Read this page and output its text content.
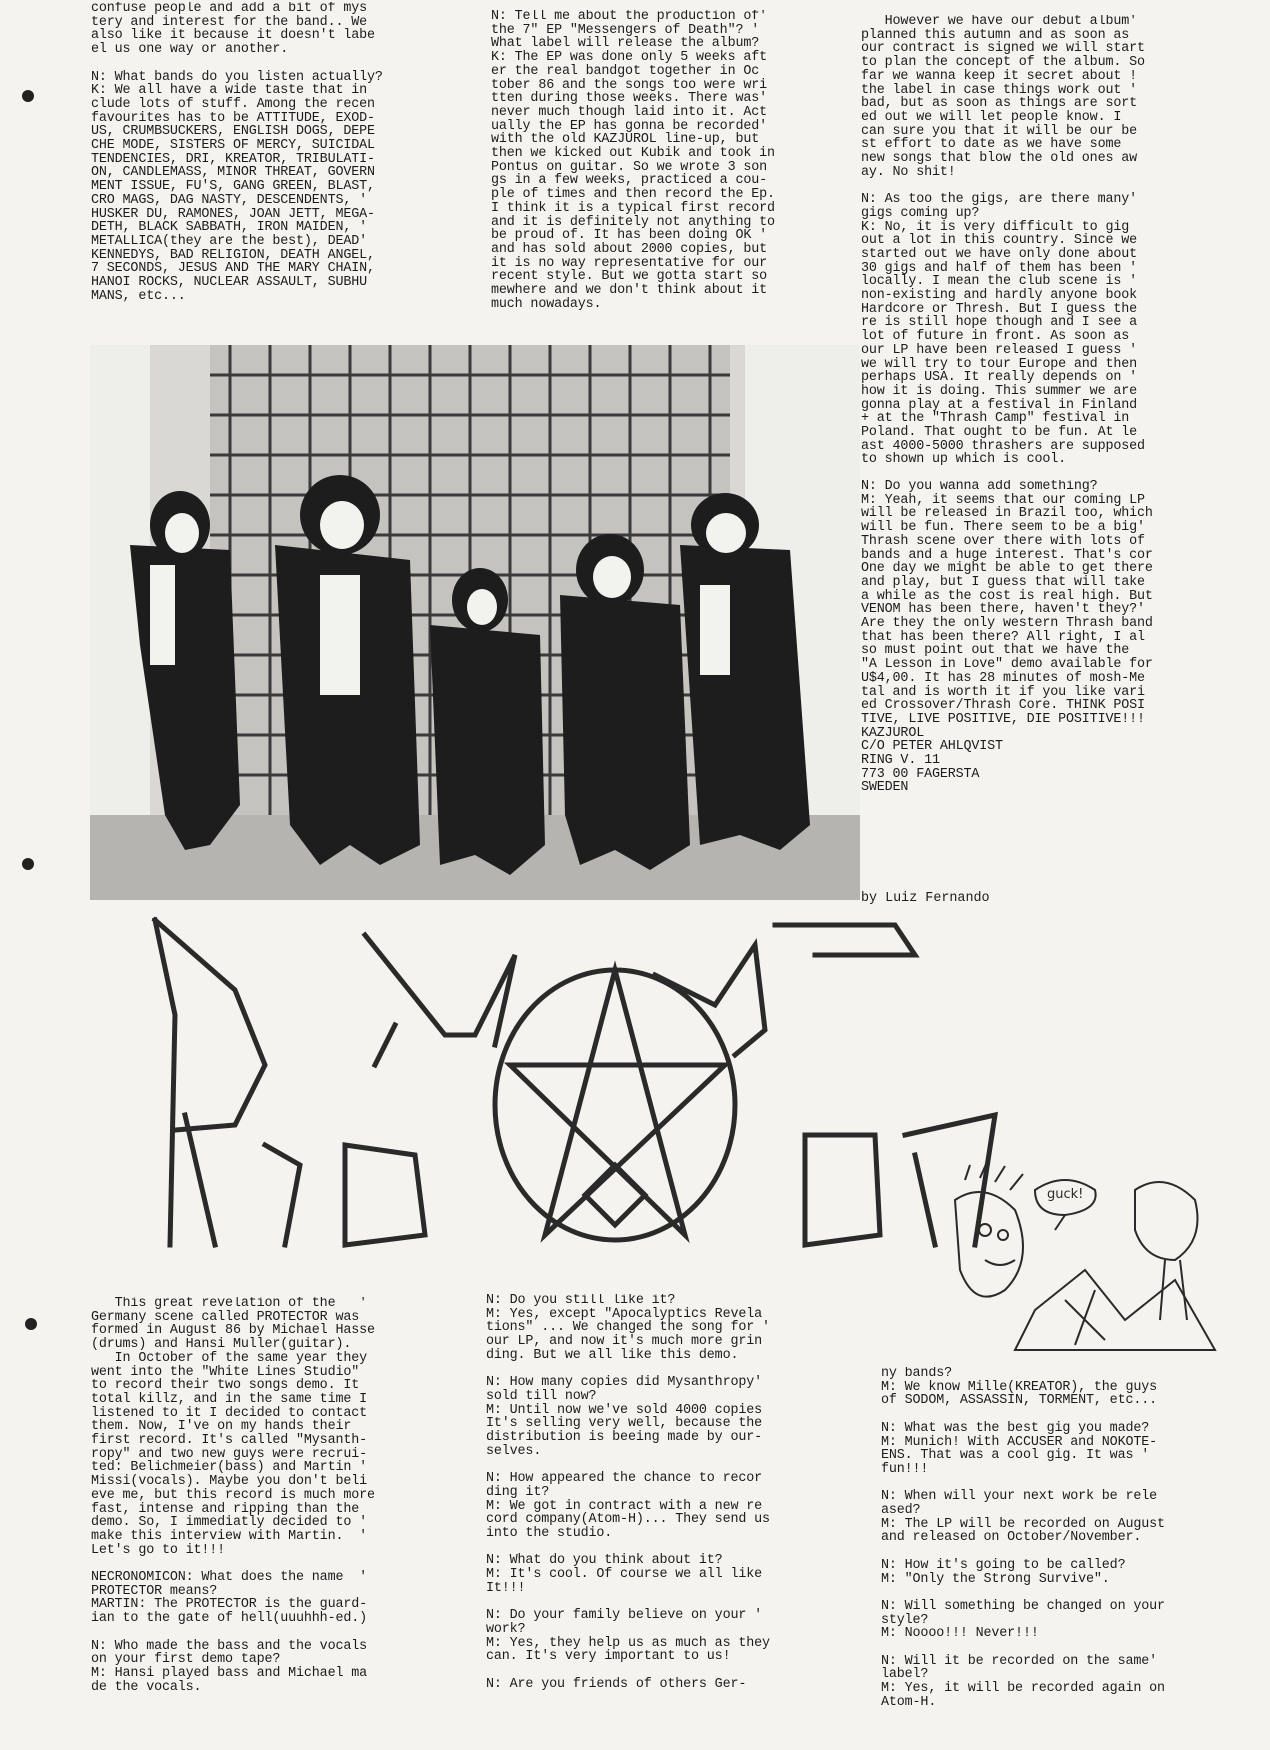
confuse people and add a bit of mys
tery and interest for the band.. We
also like it because it doesn't labe
el us one way or another.
N: What bands do you listen actually?
K: We all have a wide taste that in
clude lots of stuff. Among the recen
favourites has to be ATTITUDE, EXOD-
US, CRUMBSUCKERS, ENGLISH DOGS, DEPE
CHE MODE, SISTERS OF MERCY, SUICIDAL
TENDENCIES, DRI, KREATOR, TRIBULATI-
ON, CANDLEMASS, MINOR THREAT, GOVERN
MENT ISSUE, FU'S, GANG GREEN, BLAST,
CRO MAGS, DAG NASTY, DESCENDENTS, '
HUSKER DU, RAMONES, JOAN JETT, MEGA-
DETH, BLACK SABBATH, IRON MAIDEN, '
METALLICA(they are the best), DEAD'
KENNEDYS, BAD RELIGION, DEATH ANGEL,
7 SECONDS, JESUS AND THE MARY CHAIN,
HANOI ROCKS, NUCLEAR ASSAULT, SUBHU
MANS, etc...
N: Tell me about the production of'
the 7" EP "Messengers of Death"? '
What label will release the album?
K: The EP was done only 5 weeks aft
er the real bandgot together in Oc
tober 86 and the songs too were wri
tten during those weeks. There was'
never much though laid into it. Act
ually the EP has gonna be recorded'
with the old KAZJUROL line-up, but
then we kicked out Kubik and took in
Pontus on guitar. So we wrote 3 son
gs in a few weeks, practiced a cou-
ple of times and then record the Ep.
I think it is a typical first record
and it is definitely not anything to
be proud of. It has been doing OK '
and has sold about 2000 copies, but
it is no way representative for our
recent style. But we gotta start so
mewhere and we don't think about it
much nowadays.
However we have our debut album'
planned this autumn and as soon as
our contract is signed we will start
to plan the concept of the album. So
far we wanna keep it secret about !
the label in case things work out '
bad, but as soon as things are sort
ed out we will let people know. I
can sure you that it will be our be
st effort to date as we have some
new songs that blow the old ones aw
ay. No shit!
N: As too the gigs, are there many'
gigs coming up?
K: No, it is very difficult to gig
out a lot in this country. Since we
started out we have only done about
30 gigs and half of them has been '
locally. I mean the club scene is '
non-existing and hardly anyone book
Hardcore or Thresh. But I guess the
re is still hope though and I see a
lot of future in front. As soon as
our LP have been released I guess '
we will try to tour Europe and then
perhaps USA. It really depends on '
how it is doing. This summer we are
gonna play at a festival in Finland
+ at the "Thrash Camp" festival in
Poland. That ought to be fun. At le
ast 4000-5000 thrashers are supposed
to shown up which is cool.
N: Do you wanna add something?
M: Yeah, it seems that our coming LP
will be released in Brazil too, which
will be fun. There seem to be a big'
Thrash scene over there with lots of
bands and a huge interest. That's cor
One day we might be able to get there
and play, but I guess that will take
a while as the cost is real high. But
VENOM has been there, haven't they?'
Are they the only western Thrash band
that has been there? All right, I al
so must point out that we have the
"A Lesson in Love" demo available for
U$4,00. It has 28 minutes of mosh-Me
tal and is worth it if you like vari
ed Crossover/Thrash Core. THINK POSI
TIVE, LIVE POSITIVE, DIE POSITIVE!!!
KAZJUROL
C/O PETER AHLQVIST
RING V. 11
773 00 FAGERSTA
SWEDEN
by Luiz Fernando
guck!
This great revelation of the   '
Germany scene called PROTECTOR was
formed in August 86 by Michael Hasse
(drums) and Hansi Muller(guitar).
In October of the same year they
went into the "White Lines Studio"
to record their two songs demo. It
total killz, and in the same time I
listened to it I decided to contact
them. Now, I've on my hands their
first record. It's called "Mysanth-
ropy" and two new guys were recrui-
ted: Belichmeier(bass) and Martin '
Missi(vocals). Maybe you don't beli
eve me, but this record is much more
fast, intense and ripping than the
demo. So, I immediatly decided to '
make this interview with Martin.  '
Let's go to it!!!
NECRONOMICON: What does the name  '
PROTECTOR means?
MARTIN: The PROTECTOR is the guard-
ian to the gate of hell(uuuhhh-ed.)
N: Who made the bass and the vocals
on your first demo tape?
M: Hansi played bass and Michael ma
de the vocals.
N: Do you still like it?
M: Yes, except "Apocalyptics Revela
tions" ... We changed the song for '
our LP, and now it's much more grin
ding. But we all like this demo.
N: How many copies did Mysanthropy'
sold till now?
M: Until now we've sold 4000 copies
It's selling very well, because the
distribution is beeing made by our-
selves.
N: How appeared the chance to recor
ding it?
M: We got in contract with a new re
cord company(Atom-H)... They send us
into the studio.
N: What do you think about it?
M: It's cool. Of course we all like
It!!!
N: Do your family believe on your '
work?
M: Yes, they help us as much as they
can. It's very important to us!
N: Are you friends of others Ger-
ny bands?
M: We know Mille(KREATOR), the guys
of SODOM, ASSASSIN, TORMENT, etc...
N: What was the best gig you made?
M: Munich! With ACCUSER and NOKOTE-
ENS. That was a cool gig. It was '
fun!!!
N: When will your next work be rele
ased?
M: The LP will be recorded on August
and released on October/November.
N: How it's going to be called?
M: "Only the Strong Survive".
N: Will something be changed on your
style?
M: Noooo!!! Never!!!
N: Will it be recorded on the same'
label?
M: Yes, it will be recorded again on
Atom-H.
